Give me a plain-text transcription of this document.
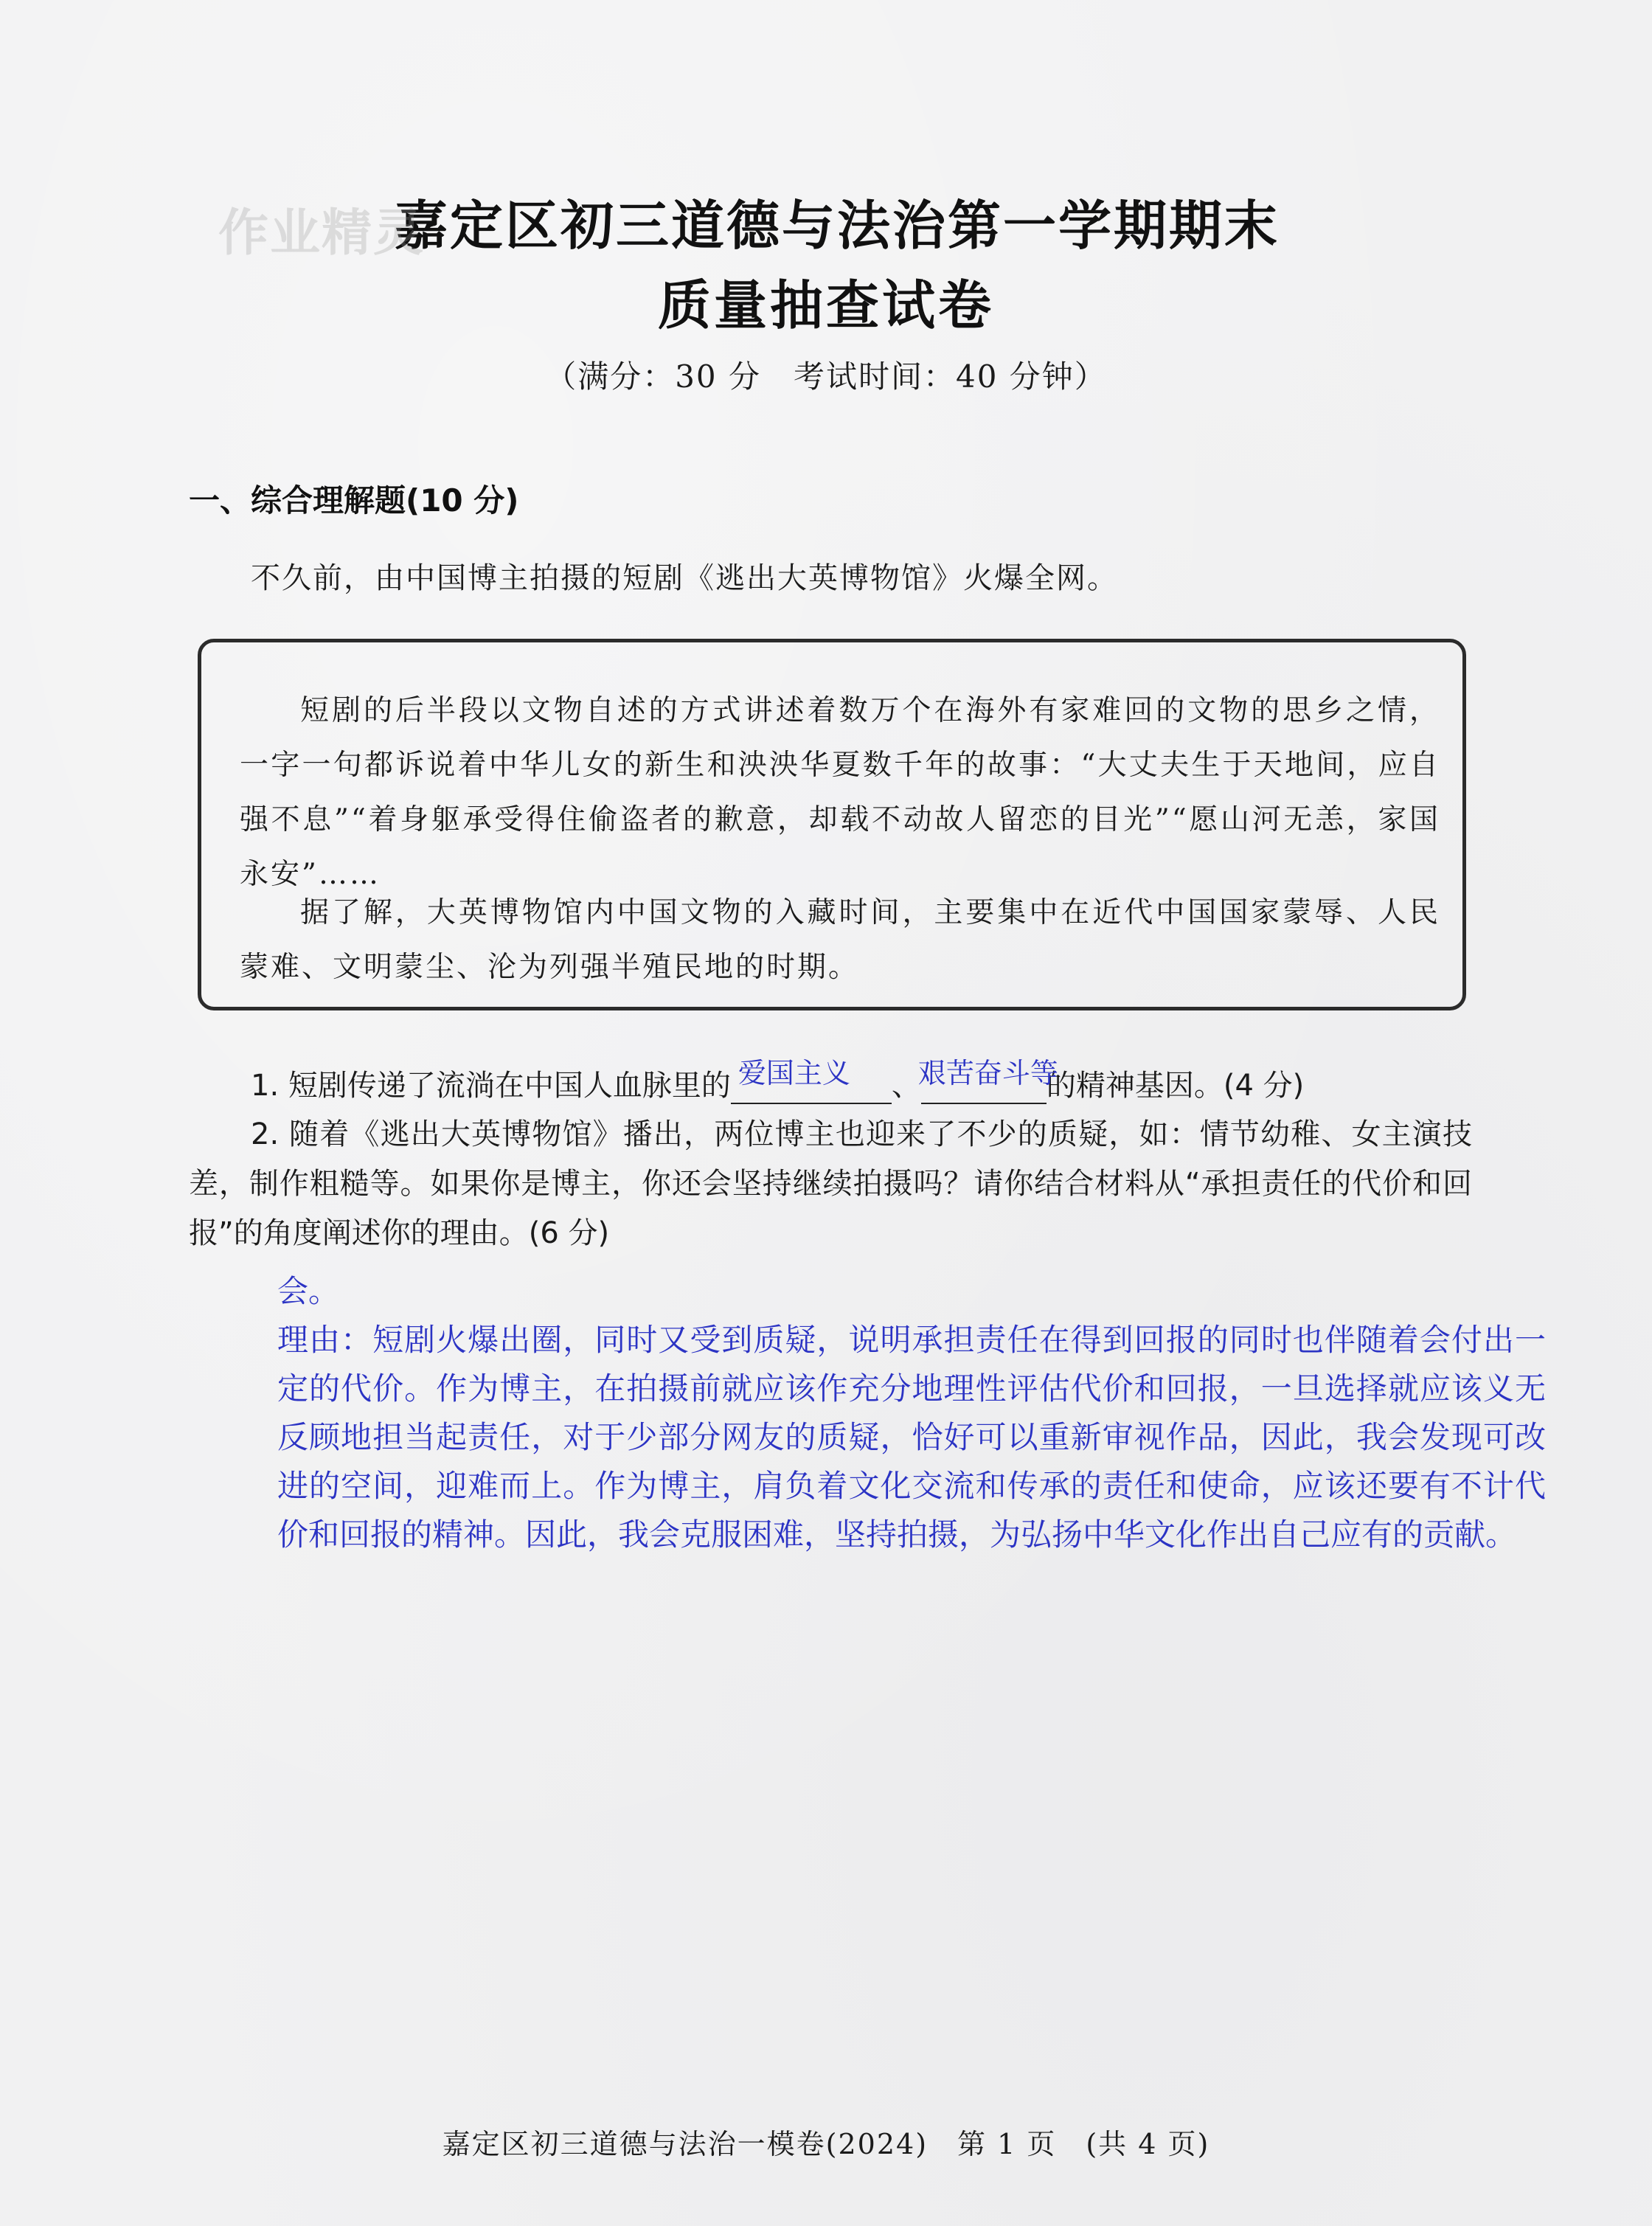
作业精灵
嘉定区初三道德与法治第一学期期末
质量抽查试卷
（满分：30 分　考试时间：40 分钟）
一、综合理解题(10 分)
不久前，由中国博主拍摄的短剧《逃出大英博物馆》火爆全网。

短剧的后半段以文物自述的方式讲述着数万个在海外有家难回的文物的思乡之情，一字一句都诉说着中华儿女的新生和泱泱华夏数千年的故事：“大丈夫生于天地间，应自强不息”“着身躯承受得住偷盗者的歉意，却载不动故人留恋的目光”“愿山河无恙，家国永安”……

据了解，大英博物馆内中国文物的入藏时间，主要集中在近代中国国家蒙辱、人民蒙难、文明蒙尘、沦为列强半殖民地的时期。

1. 短剧传递了流淌在中国人血脉里的 爱国主义 、
艰苦奋斗等
的精神基因。(4 分)
2. 随着《逃出大英博物馆》播出，两位博主也迎来了不少的质疑，如：情节幼稚、女主演技差，制作粗糙等。如果你是博主，你还会坚持继续拍摄吗？请你结合材料从“承担责任的代价和回报”的角度阐述你的理由。(6 分)
会。
理由：短剧火爆出圈，同时又受到质疑，说明承担责任在得到回报的同时也伴随着会付出一定的代价。作为博主，在拍摄前就应该作充分地理性评估代价和回报，一旦选择就应该义无反顾地担当起责任，对于少部分网友的质疑，恰好可以重新审视作品，因此，我会发现可改进的空间，迎难而上。作为博主，肩负着文化交流和传承的责任和使命，应该还要有不计代价和回报的精神。因此，我会克服困难，坚持拍摄，为弘扬中华文化作出自己应有的贡献。
嘉定区初三道德与法治一模卷(2024)　第 1 页　(共 4 页)
